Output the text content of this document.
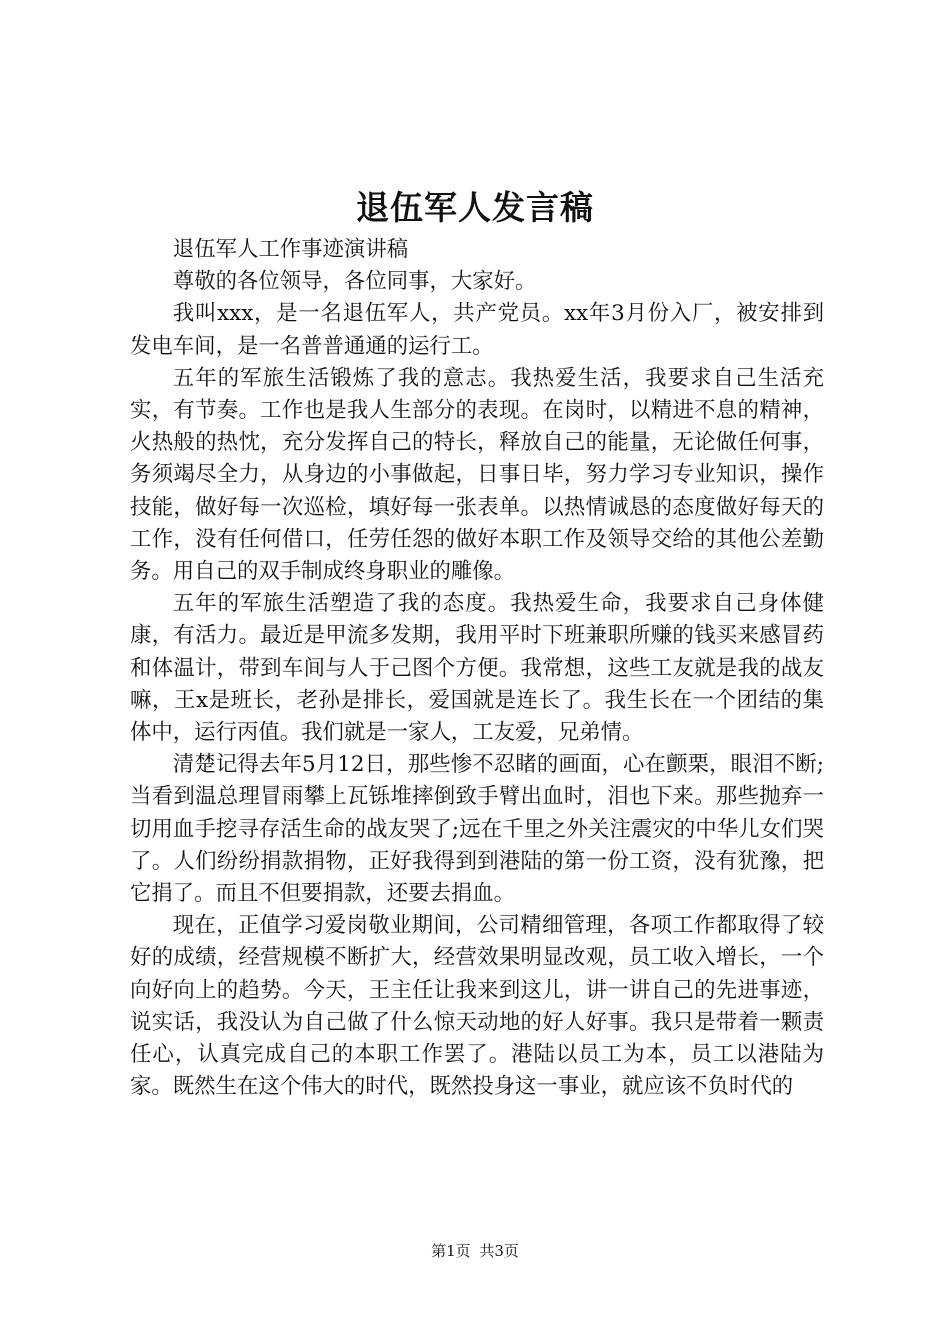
退伍军人发言稿

退伍军人工作事迹演讲稿

尊敬的各位领导，各位同事，大家好。

我叫xxx，是一名退伍军人，共产党员。xx年3月份入厂，被安排到发电车间，是一名普普通通的运行工。

五年的军旅生活锻炼了我的意志。我热爱生活，我要求自己生活充实，有节奏。工作也是我人生部分的表现。在岗时，以精进不息的精神，火热般的热忱，充分发挥自己的特长，释放自己的能量，无论做任何事，务须竭尽全力，从身边的小事做起，日事日毕，努力学习专业知识，操作技能，做好每一次巡检，填好每一张表单。以热情诚恳的态度做好每天的工作，没有任何借口，任劳任怨的做好本职工作及领导交给的其他公差勤务。用自己的双手制成终身职业的雕像。

五年的军旅生活塑造了我的态度。我热爱生命，我要求自己身体健康，有活力。最近是甲流多发期，我用平时下班兼职所赚的钱买来感冒药和体温计，带到车间与人于己图个方便。我常想，这些工友就是我的战友嘛，王x是班长，老孙是排长，爱国就是连长了。我生长在一个团结的集体中，运行丙值。我们就是一家人，工友爱，兄弟情。

清楚记得去年5月12日，那些惨不忍睹的画面，心在颤栗，眼泪不断;当看到温总理冒雨攀上瓦铄堆摔倒致手臂出血时，泪也下来。那些抛弃一切用血手挖寻存活生命的战友哭了;远在千里之外关注震灾的中华儿女们哭了。人们纷纷捐款捐物，正好我得到到港陆的第一份工资，没有犹豫，把它捐了。而且不但要捐款，还要去捐血。

现在，正值学习爱岗敬业期间，公司精细管理，各项工作都取得了较好的成绩，经营规模不断扩大，经营效果明显改观，员工收入增长，一个向好向上的趋势。今天，王主任让我来到这儿，讲一讲自己的先进事迹，说实话，我没认为自己做了什么惊天动地的好人好事。我只是带着一颗责任心，认真完成自己的本职工作罢了。港陆以员工为本，员工以港陆为家。既然生在这个伟大的时代，既然投身这一事业，就应该不负时代的

第1页 共3页
